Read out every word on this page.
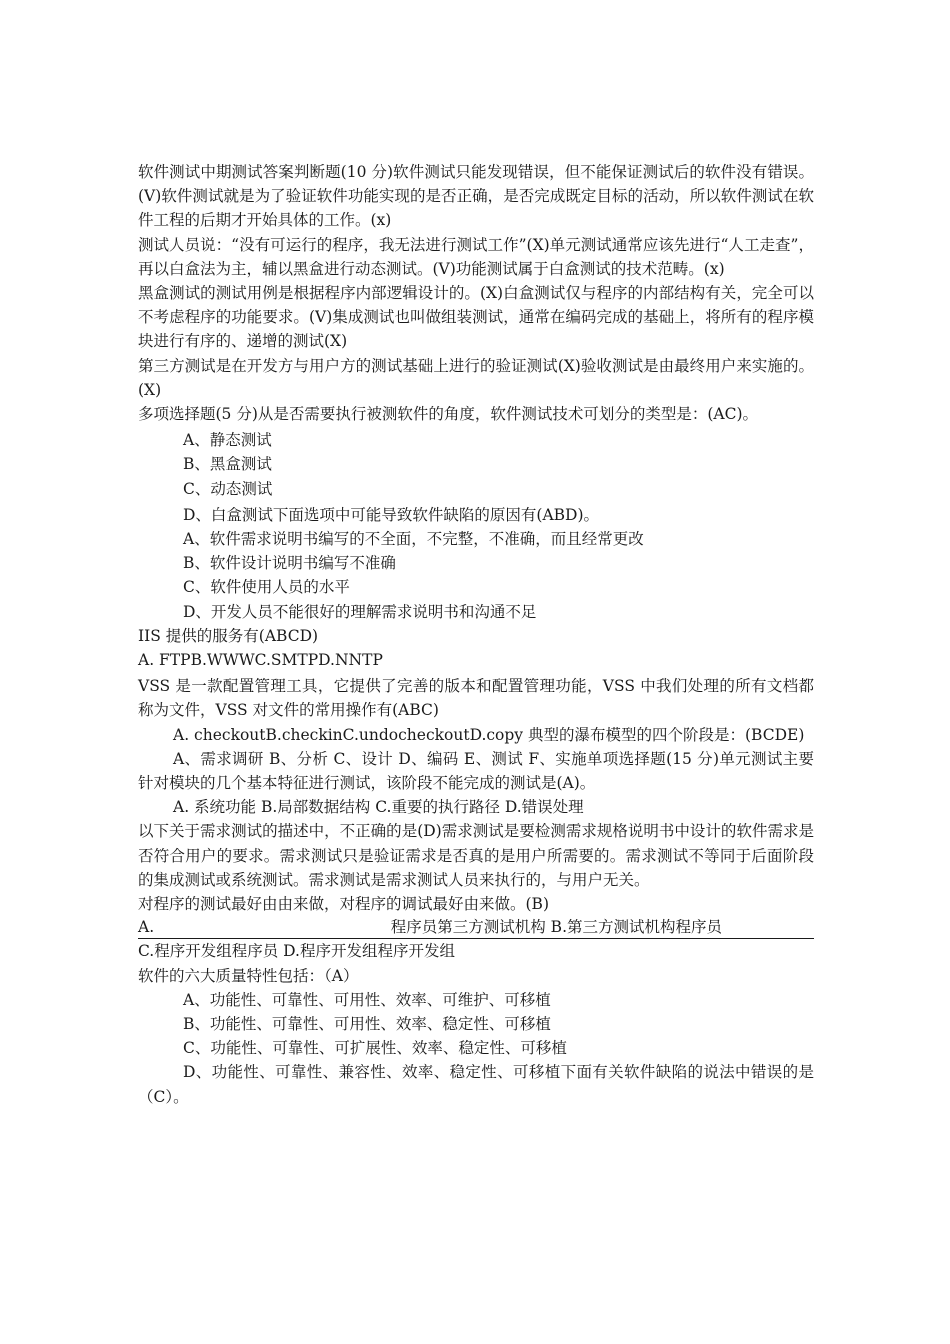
软件测试中期测试答案判断题(10 分)软件测试只能发现错误，但不能保证测试后的软件没有错误。(V)软件测试就是为了验证软件功能实现的是否正确，是否完成既定目标的活动，所以软件测试在软件工程的后期才开始具体的工作。(x)

测试人员说：“没有可运行的程序，我无法进行测试工作”(X)单元测试通常应该先进行“人工走查”，再以白盒法为主，辅以黑盒进行动态测试。(V)功能测试属于白盒测试的技术范畴。(x)

黑盒测试的测试用例是根据程序内部逻辑设计的。(X)白盒测试仅与程序的内部结构有关，完全可以不考虑程序的功能要求。(V)集成测试也叫做组装测试，通常在编码完成的基础上，将所有的程序模块进行有序的、递增的测试(X)

第三方测试是在开发方与用户方的测试基础上进行的验证测试(X)验收测试是由最终用户来实施的。(X)

多项选择题(5 分)从是否需要执行被测软件的角度，软件测试技术可划分的类型是：(AC)。

A、静态测试

B、黑盒测试

C、动态测试

D、白盒测试下面选项中可能导致软件缺陷的原因有(ABD)。

A、软件需求说明书编写的不全面，不完整，不准确，而且经常更改

B、软件设计说明书编写不准确

C、软件使用人员的水平

D、开发人员不能很好的理解需求说明书和沟通不足

IIS 提供的服务有(ABCD)

A. FTPB.WWWC.SMTPD.NNTP

VSS 是一款配置管理工具，它提供了完善的版本和配置管理功能，VSS 中我们处理的所有文档都称为文件，VSS 对文件的常用操作有(ABC)

A. checkoutB.checkinC.undocheckoutD.copy 典型的瀑布模型的四个阶段是：(BCDE)

A、需求调研 B、分析 C、设计 D、编码 E、测试 F、实施单项选择题(15 分)单元测试主要针对模块的几个基本特征进行测试，该阶段不能完成的测试是(A)。

A. 系统功能 B.局部数据结构 C.重要的执行路径 D.错误处理

以下关于需求测试的描述中，不正确的是(D)需求测试是要检测需求规格说明书中设计的软件需求是否符合用户的要求。需求测试只是验证需求是否真的是用户所需要的。需求测试不等同于后面阶段的集成测试或系统测试。需求测试是需求测试人员来执行的，与用户无关。

对程序的测试最好由由来做，对程序的调试最好由来做。(B)

A.	程序员第三方测试机构 B.第三方测试机构程序员

C.程序开发组程序员 D.程序开发组程序开发组

软件的六大质量特性包括：（A）

A、功能性、可靠性、可用性、效率、可维护、可移植

B、功能性、可靠性、可用性、效率、稳定性、可移植

C、功能性、可靠性、可扩展性、效率、稳定性、可移植

D、功能性、可靠性、兼容性、效率、稳定性、可移植下面有关软件缺陷的说法中错误的是（C）。
